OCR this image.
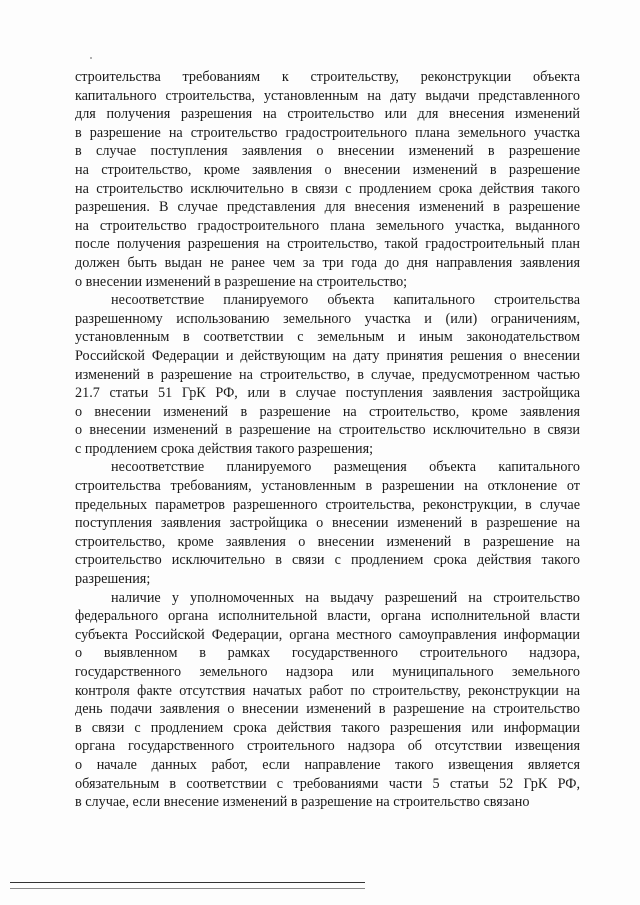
строительства требованиям к строительству, реконструкции объекта
капитального строительства, установленным на дату выдачи представленного
для получения разрешения на строительство или для внесения изменений
в разрешение на строительство градостроительного плана земельного участка
в случае поступления заявления о внесении изменений в разрешение
на строительство, кроме заявления о внесении изменений в разрешение
на строительство исключительно в связи с продлением срока действия такого
разрешения. В случае представления для внесения изменений в разрешение
на строительство градостроительного плана земельного участка, выданного
после получения разрешения на строительство, такой градостроительный план
должен быть выдан не ранее чем за три года до дня направления заявления
о внесении изменений в разрешение на строительство;

несоответствие планируемого объекта капитального строительства
разрешенному использованию земельного участка и (или) ограничениям,
установленным в соответствии с земельным и иным законодательством
Российской Федерации и действующим на дату принятия решения о внесении
изменений в разрешение на строительство, в случае, предусмотренном частью
21.7 статьи 51 ГрК РФ, или в случае поступления заявления застройщика
о внесении изменений в разрешение на строительство, кроме заявления
о внесении изменений в разрешение на строительство исключительно в связи
с продлением срока действия такого разрешения;

несоответствие планируемого размещения объекта капитального
строительства требованиям, установленным в разрешении на отклонение от
предельных параметров разрешенного строительства, реконструкции, в случае
поступления заявления застройщика о внесении изменений в разрешение на
строительство, кроме заявления о внесении изменений в разрешение на
строительство исключительно в связи с продлением срока действия такого
разрешения;

наличие у уполномоченных на выдачу разрешений на строительство
федерального органа исполнительной власти, органа исполнительной власти
субъекта Российской Федерации, органа местного самоуправления информации
о выявленном в рамках государственного строительного надзора,
государственного земельного надзора или муниципального земельного
контроля факте отсутствия начатых работ по строительству, реконструкции на
день подачи заявления о внесении изменений в разрешение на строительство
в связи с продлением срока действия такого разрешения или информации
органа государственного строительного надзора об отсутствии извещения
о начале данных работ, если направление такого извещения является
обязательным в соответствии с требованиями части 5 статьи 52 ГрК РФ,
в случае, если внесение изменений в разрешение на строительство связано
